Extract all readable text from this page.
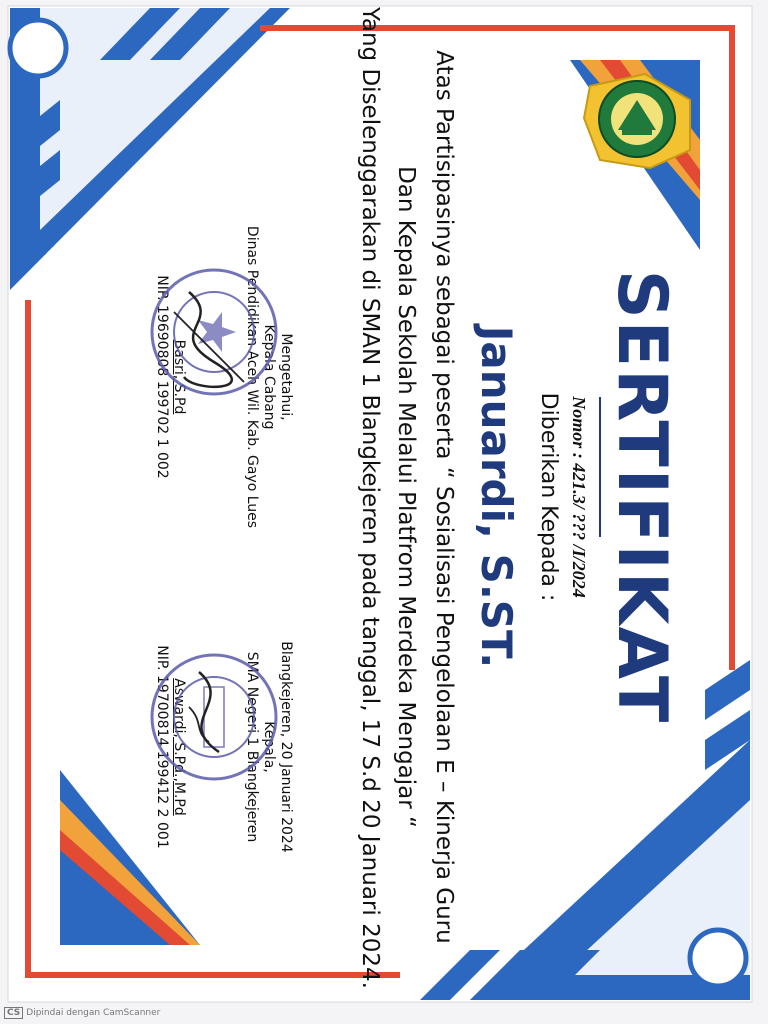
SERTIFIKAT
Nomor : 421.3/ ??? /I/2024
Diberikan Kepada :
Januardi, S.ST.
Atas Partisipasinya sebagai peserta “ Sosialisasi Pengelolaan E – Kinerja Guru
Dan Kepala Sekolah Melalui Platfrom Merdeka Mengajar “
Yang Diselenggarakan di SMAN 1 Blangkejeren pada tanggal, 17 S.d 20 Januari 2024.
Mengetahui,
Kepala Cabang
Dinas Pendidikan Aceh Wil. Kab. Gayo Lues
Basri, S.Pd
NIP. 19690808 199702 1 002
Blangkejeren, 20 Januari 2024
Kepala,
SMA Negeri 1 Blangkejeren
Aswardi, S.Pd.,M.Pd
NIP. 19700814 199412 2 001
CS Dipindai dengan CamScanner
